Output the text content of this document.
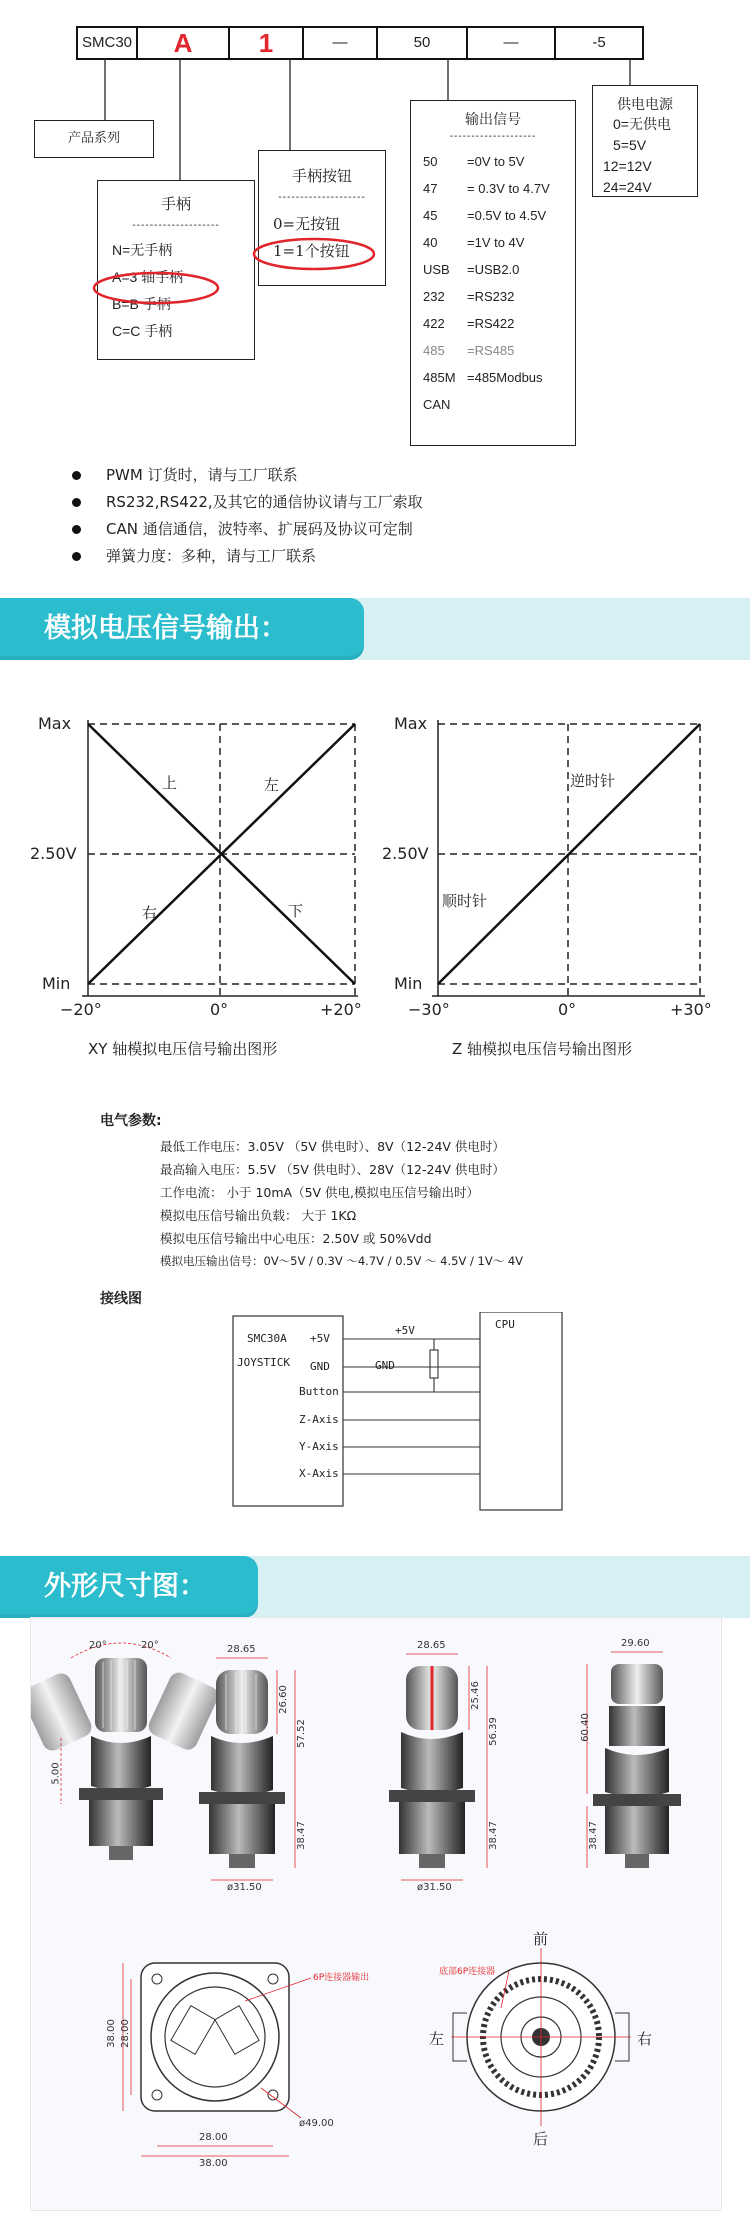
SMC30	A	1	—	50	—	-5
产品系列
手柄
--------------------
N=无手柄
A=3 轴手柄
B=B 手柄
C=C 手柄
手柄按钮
--------------------
0=无按钮
1=1个按钮
输出信号
--------------------
50	=0V to 5V
47	= 0.3V to 4.7V
45	=0.5V to 4.5V
40	=1V to 4V
USB	=USB2.0
232	=RS232
422	=RS422
485	=RS485
485M =485Modbus
CAN
供电电源
0=无供电
5=5V
12=12V
24=24V
PWM 订货时，请与工厂联系
RS232,RS422,及其它的通信协议请与工厂索取
CAN 通信通信，波特率、扩展码及协议可定制
弹簧力度：多种，请与工厂联系
模拟电压信号输出：
Max
2.50V
Min
−20°	0°	+20°
上	左
右	下
XY 轴模拟电压信号输出图形
Max
2.50V
Min
−30°	0°	+30°
逆时针
顺时针
Z 轴模拟电压信号输出图形
电气参数:
最低工作电压：3.05V （5V 供电时）、8V（12-24V 供电时）
最高输入电压：5.5V （5V 供电时）、28V（12-24V 供电时）
工作电流： 小于 10mA（5V 供电,模拟电压信号输出时）
模拟电压信号输出负载： 大于 1KΩ
模拟电压信号输出中心电压：2.50V 或 50%Vdd
模拟电压输出信号：0V～5V / 0.3V ～4.7V / 0.5V ～ 4.5V / 1V～ 4V
接线图
SMC30A
JOYSTICK
+5V
GND
Button
Z-Axis
Y-Axis
X-Axis
+5V
GND
CPU
外形尺寸图：
20°	20°
5.00
28.65	28.65	29.60
26.60
57.52
25.46
56.39	60.40
38.47	38.47	38.47
ø31.50	ø31.50
6P连接器输出
38.00 28.00
38.00
28.00
ø49.00
底部6P连接器
前
左	右
后
